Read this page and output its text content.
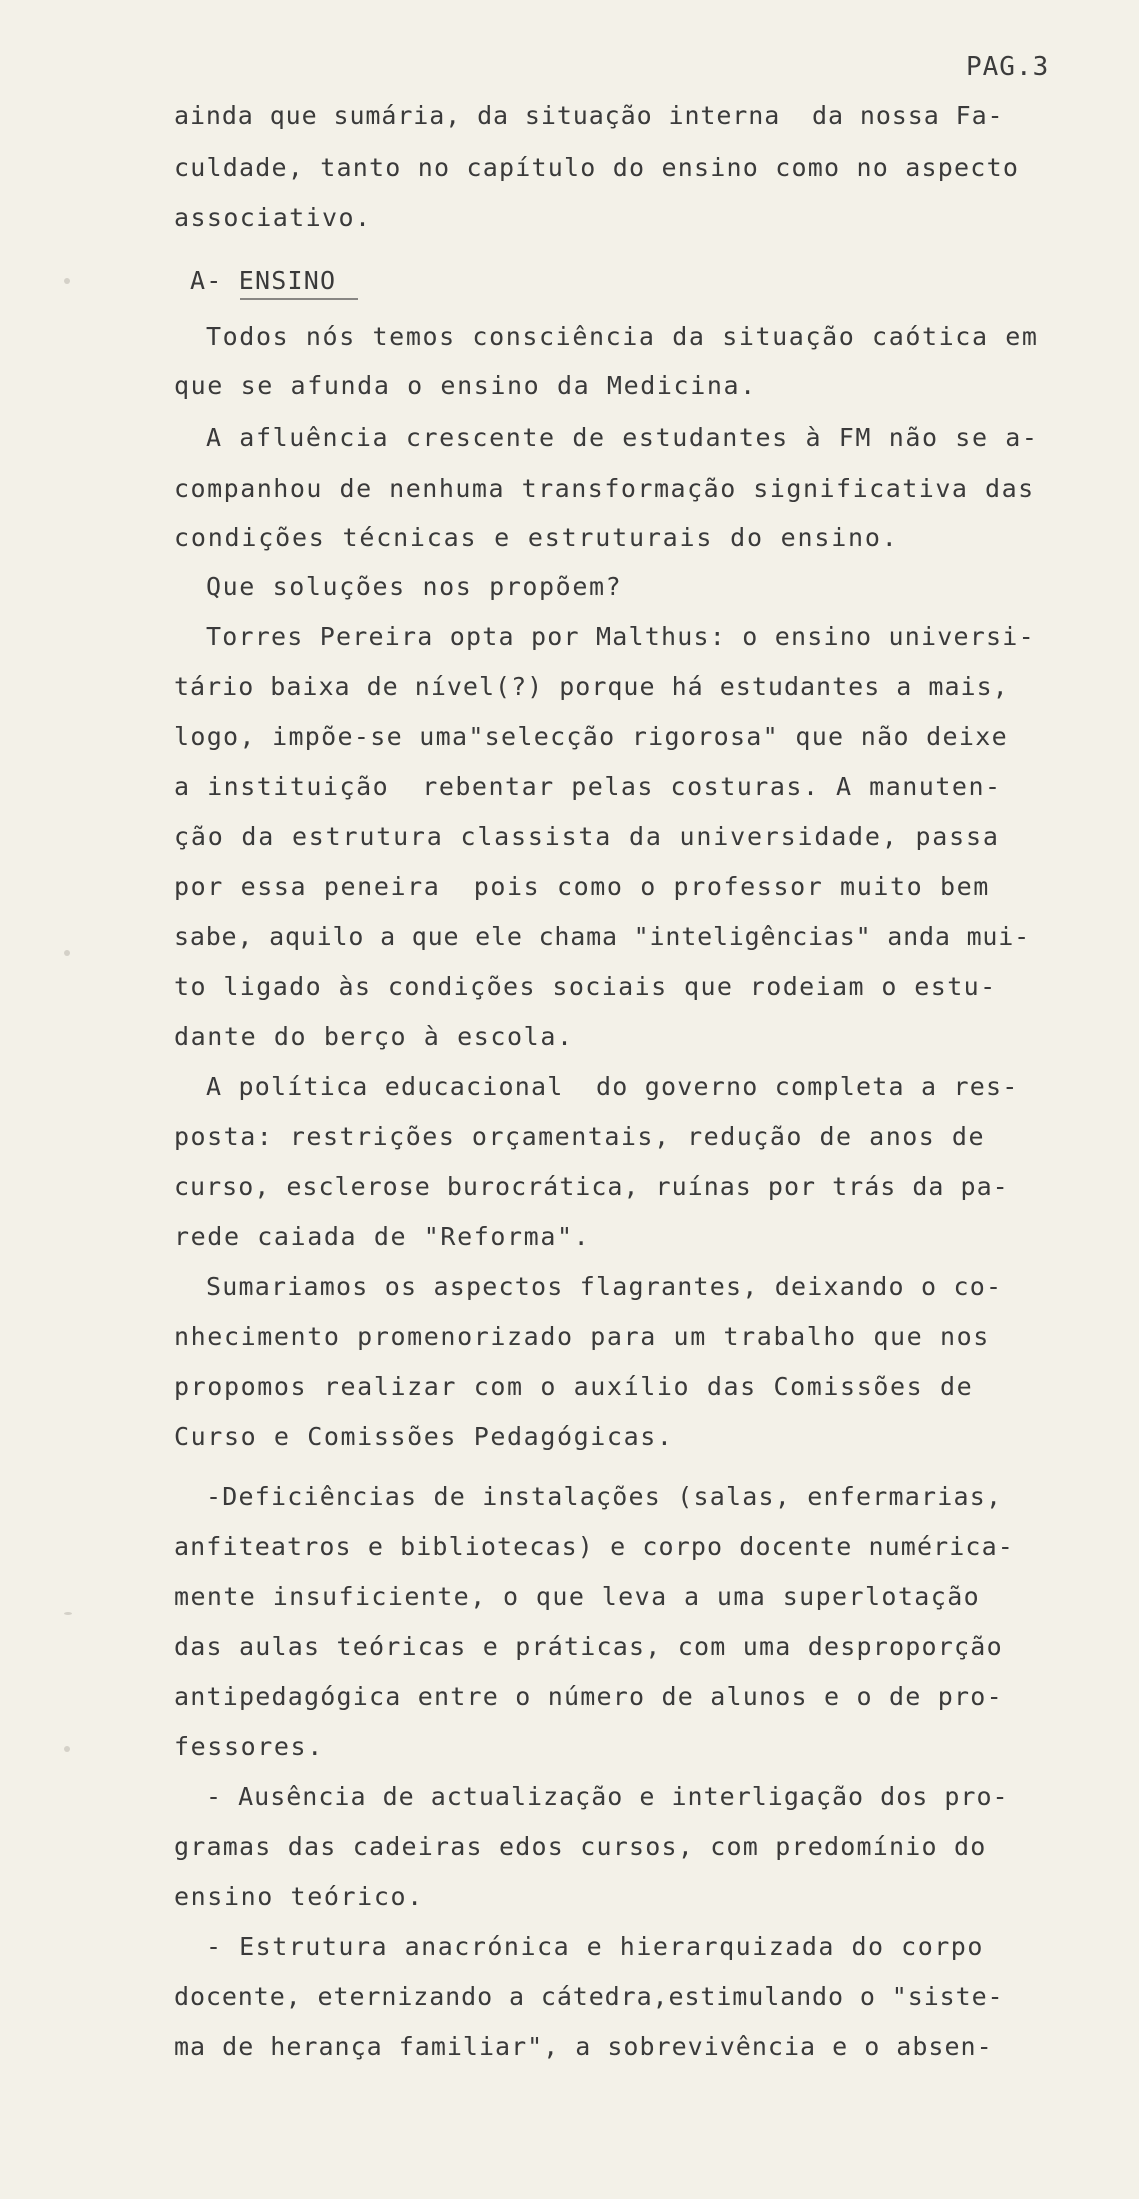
PAG.3
ainda que sumária, da situação interna  da nossa Fa-
culdade, tanto no capítulo do ensino como no aspecto
associativo.
A- ENSINO
Todos nós temos consciência da situação caótica em
que se afunda o ensino da Medicina.
A afluência crescente de estudantes à FM não se a-
companhou de nenhuma transformação significativa das
condições técnicas e estruturais do ensino.
Que soluções nos propõem?
Torres Pereira opta por Malthus: o ensino universi-
tário baixa de nível(?) porque há estudantes a mais,
logo, impõe-se uma"selecção rigorosa" que não deixe
a instituição  rebentar pelas costuras. A manuten-
ção da estrutura classista da universidade, passa
por essa peneira  pois como o professor muito bem
sabe, aquilo a que ele chama "inteligências" anda mui-
to ligado às condições sociais que rodeiam o estu-
dante do berço à escola.
A política educacional  do governo completa a res-
posta: restrições orçamentais, redução de anos de
curso, esclerose burocrática, ruínas por trás da pa-
rede caiada de "Reforma".
Sumariamos os aspectos flagrantes, deixando o co-
nhecimento promenorizado para um trabalho que nos
propomos realizar com o auxílio das Comissões de
Curso e Comissões Pedagógicas.
-Deficiências de instalações (salas, enfermarias,
anfiteatros e bibliotecas) e corpo docente numérica-
mente insuficiente, o que leva a uma superlotação
das aulas teóricas e práticas, com uma desproporção
antipedagógica entre o número de alunos e o de pro-
fessores.
- Ausência de actualização e interligação dos pro-
gramas das cadeiras edos cursos, com predomínio do
ensino teórico.
- Estrutura anacrónica e hierarquizada do corpo
docente, eternizando a cátedra,estimulando o "siste-
ma de herança familiar", a sobrevivência e o absen-
